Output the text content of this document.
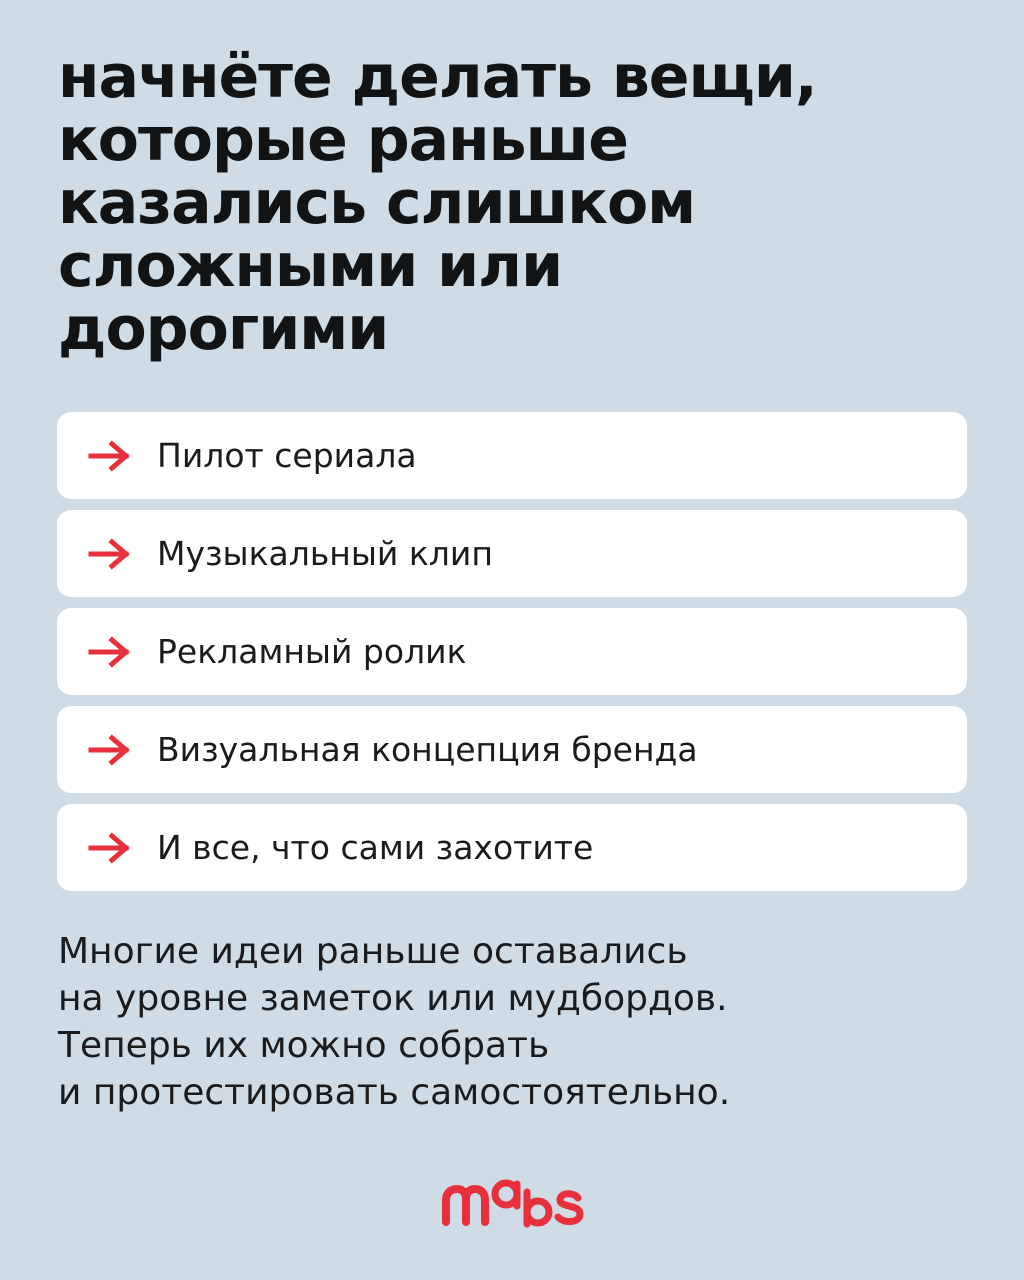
начнёте делать вещи,
которые раньше
казались слишком
сложными или
дорогими
Пилот сериала
Музыкальный клип
Рекламный ролик
Визуальная концепция бренда
И все, что сами захотите

Многие идеи раньше оставались
на уровне заметок или мудбордов.
Теперь их можно собрать
и протестировать самостоятельно.
